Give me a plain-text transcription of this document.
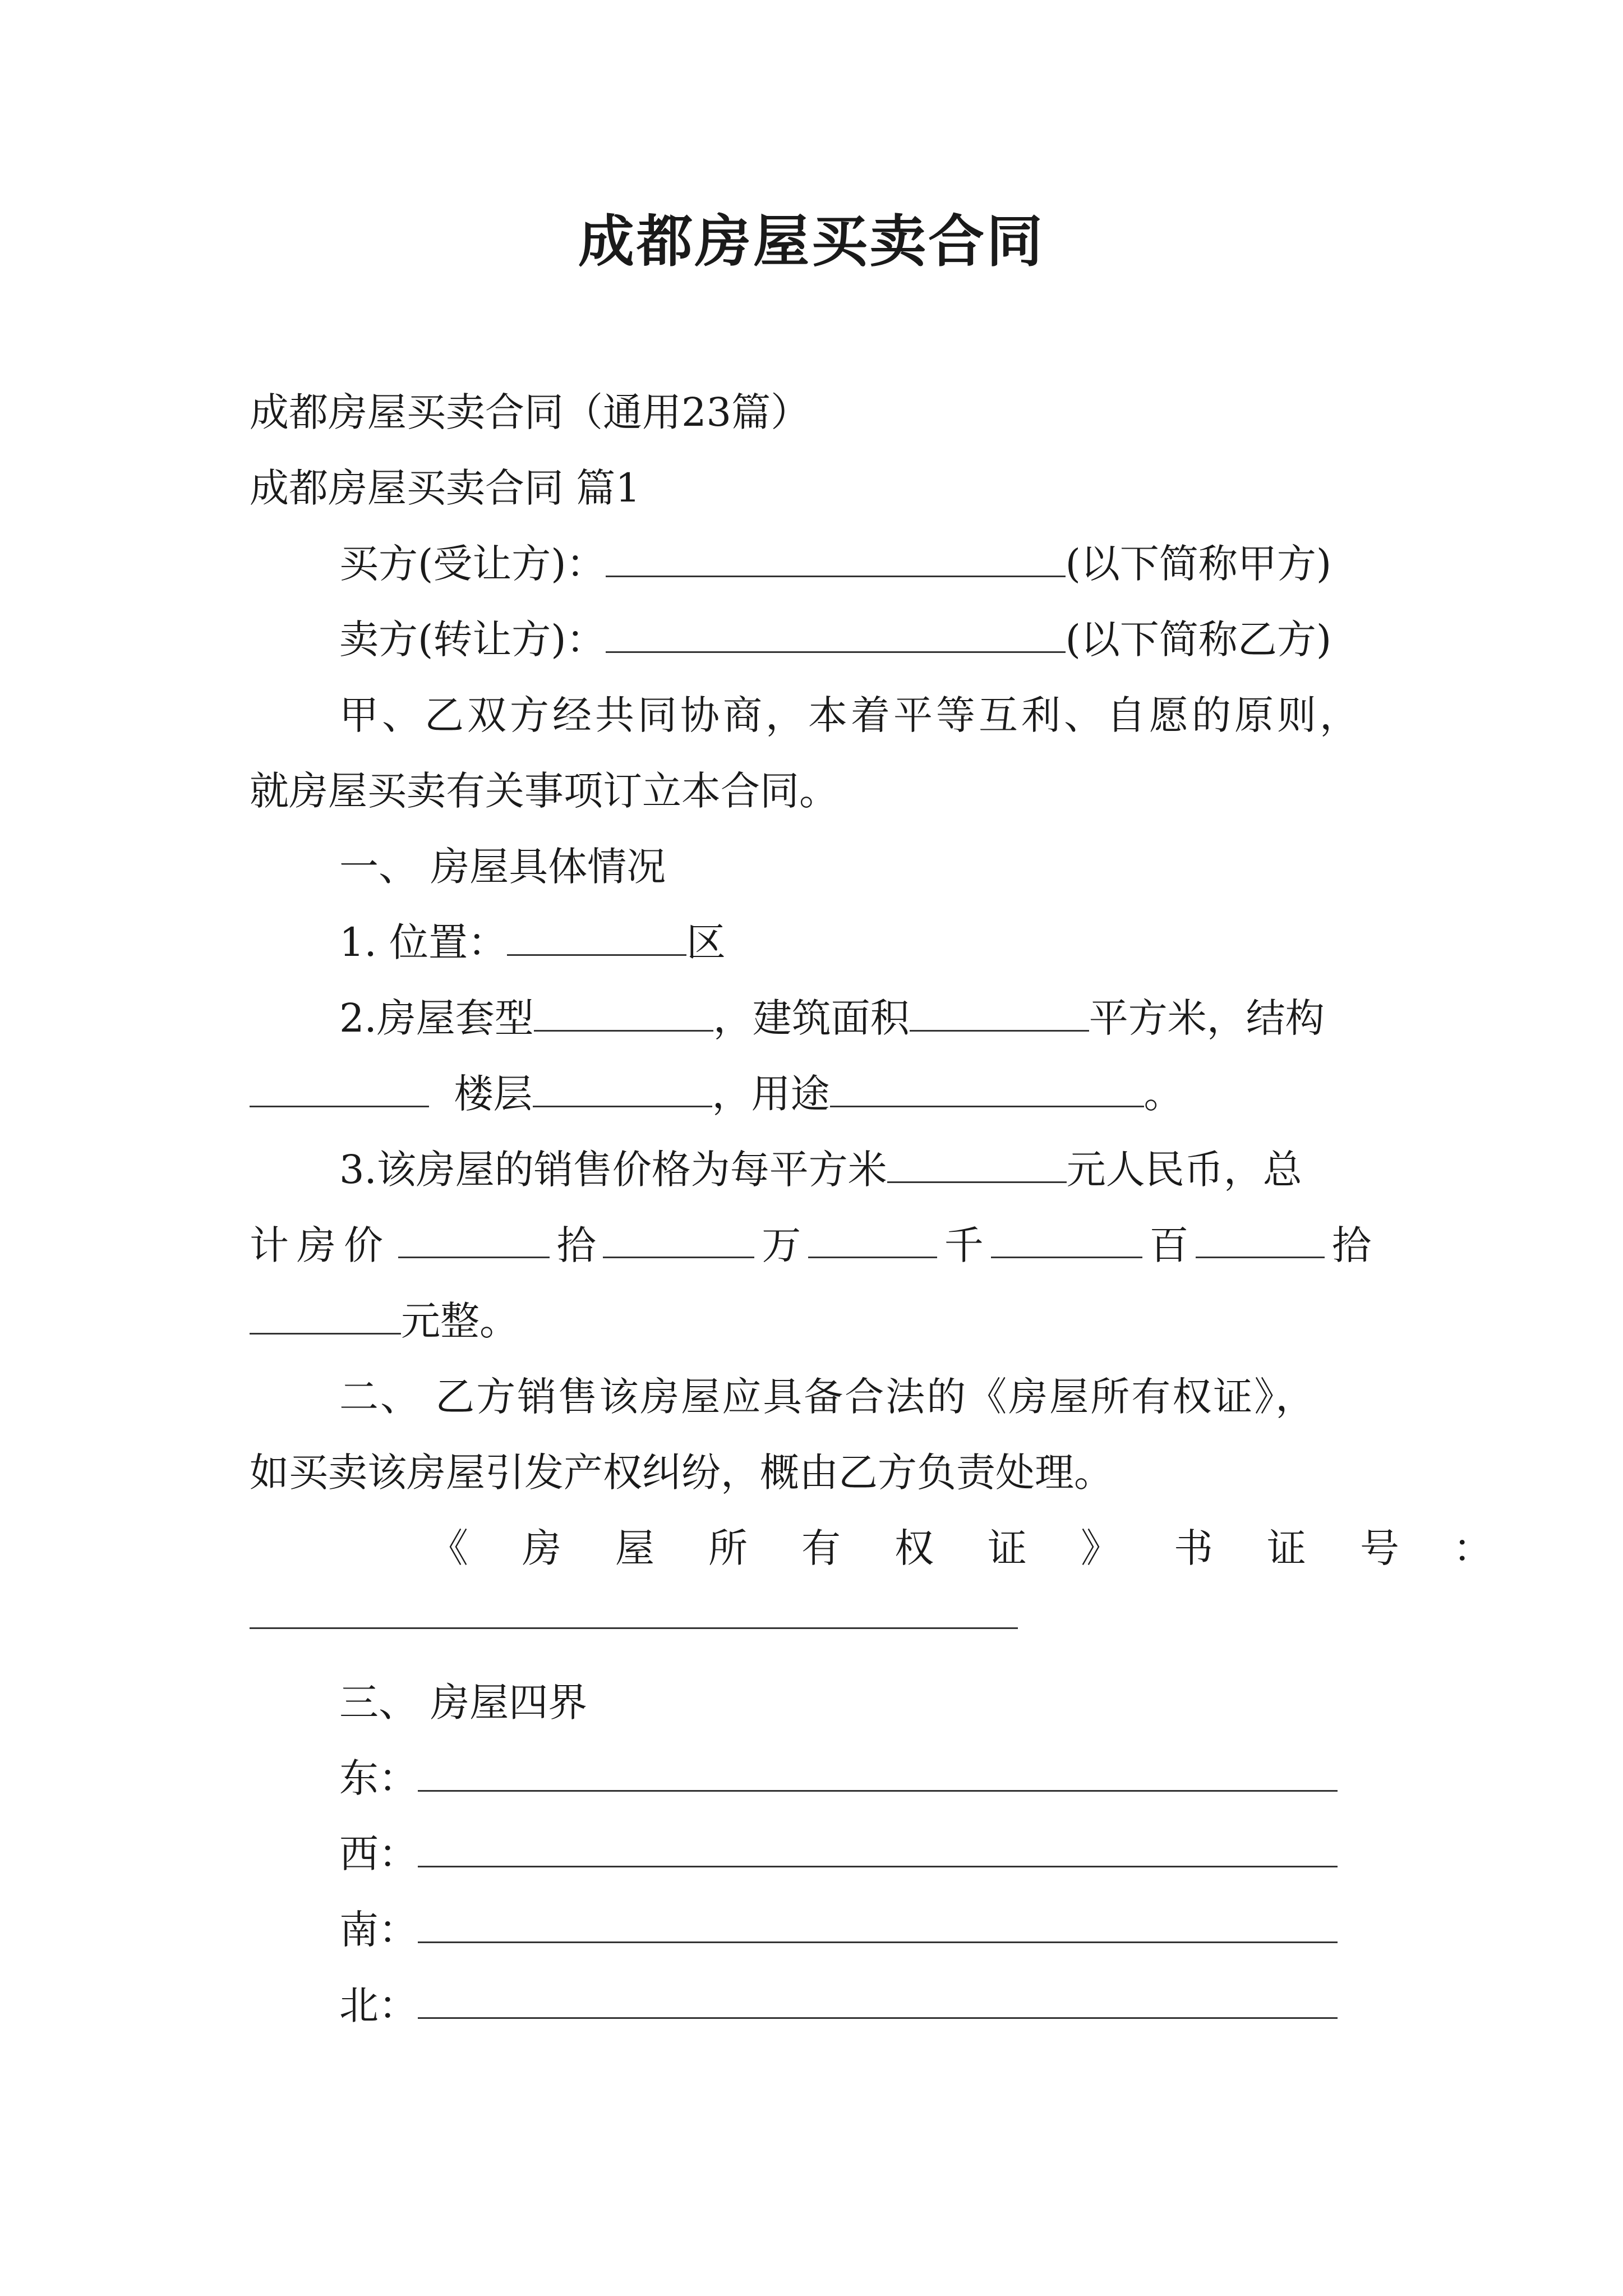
成都房屋买卖合同
成都房屋买卖合同（通用23篇）
成都房屋买卖合同 篇1
买方(受让方)：	(以下简称甲方)
卖方(转让方)：	(以下简称乙方)
甲、乙双方经共同协商，本着平等互利、自愿的原则，
就房屋买卖有关事项订立本合同。
一、 房屋具体情况
1. 位置：	区
2.房屋套型	，建筑面积	平方米，结构
楼层	，用途	。
3.该房屋的销售价格为每平方米	元人民币，总
计房价	拾	万	千	百	拾
元整。
二、 乙方销售该房屋应具备合法的《房屋所有权证》，
如买卖该房屋引发产权纠纷，概由乙方负责处理。
《房屋所有权证》书证号：
三、 房屋四界
东：
西：
南：
北：
